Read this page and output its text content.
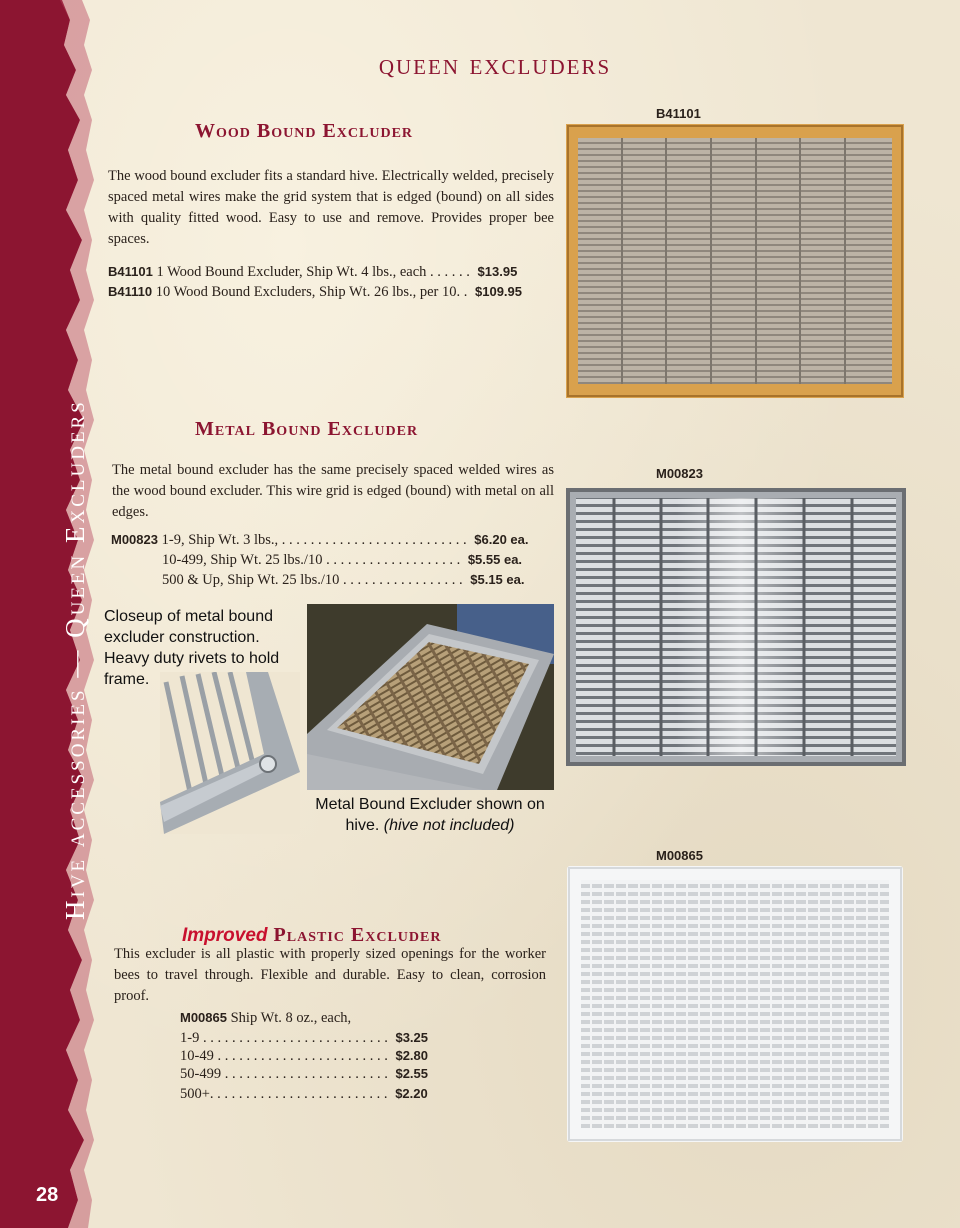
Hive accessories — Queen Excluders
28
queen excluders
Wood Bound Excluder
The wood bound excluder fits a standard hive. Electrically welded, precisely spaced metal wires make the grid system that is edged (bound) on all sides with quality fitted wood. Easy to use and remove. Provides proper bee spaces.
B41101 1 Wood Bound Excluder, Ship Wt. 4 lbs., each . . . . . . $13.95
B41110 10 Wood Bound Excluders, Ship Wt. 26 lbs., per 10. . $109.95
B41101
Metal Bound Excluder
The metal bound excluder has the same precisely spaced welded wires as the wood bound excluder. This wire grid is edged (bound) with metal on all edges.
M00823 1-9, Ship Wt. 3 lbs., . . . . . . . . . . . . . . . . . . . . . . . . . . $6.20 ea.
10-499, Ship Wt. 25 lbs./10 . . . . . . . . . . . . . . . . . . . $5.55 ea.
500 & Up, Ship Wt. 25 lbs./10 . . . . . . . . . . . . . . . . . $5.15 ea.
M00823
Closeup of metal bound excluder construction. Heavy duty rivets to hold frame.
Metal Bound Excluder shown on hive. (hive not included)
M00865
Improved Plastic Excluder
This excluder is all plastic with properly sized openings for the worker bees to travel through. Flexible and durable. Easy to clean, corrosion proof.
M00865 Ship Wt. 8 oz., each,
1-9 . . . . . . . . . . . . . . . . . . . . . . . . . . $3.25
10-49 . . . . . . . . . . . . . . . . . . . . . . . . $2.80
50-499 . . . . . . . . . . . . . . . . . . . . . . . $2.55
500+. . . . . . . . . . . . . . . . . . . . . . . . . $2.20
